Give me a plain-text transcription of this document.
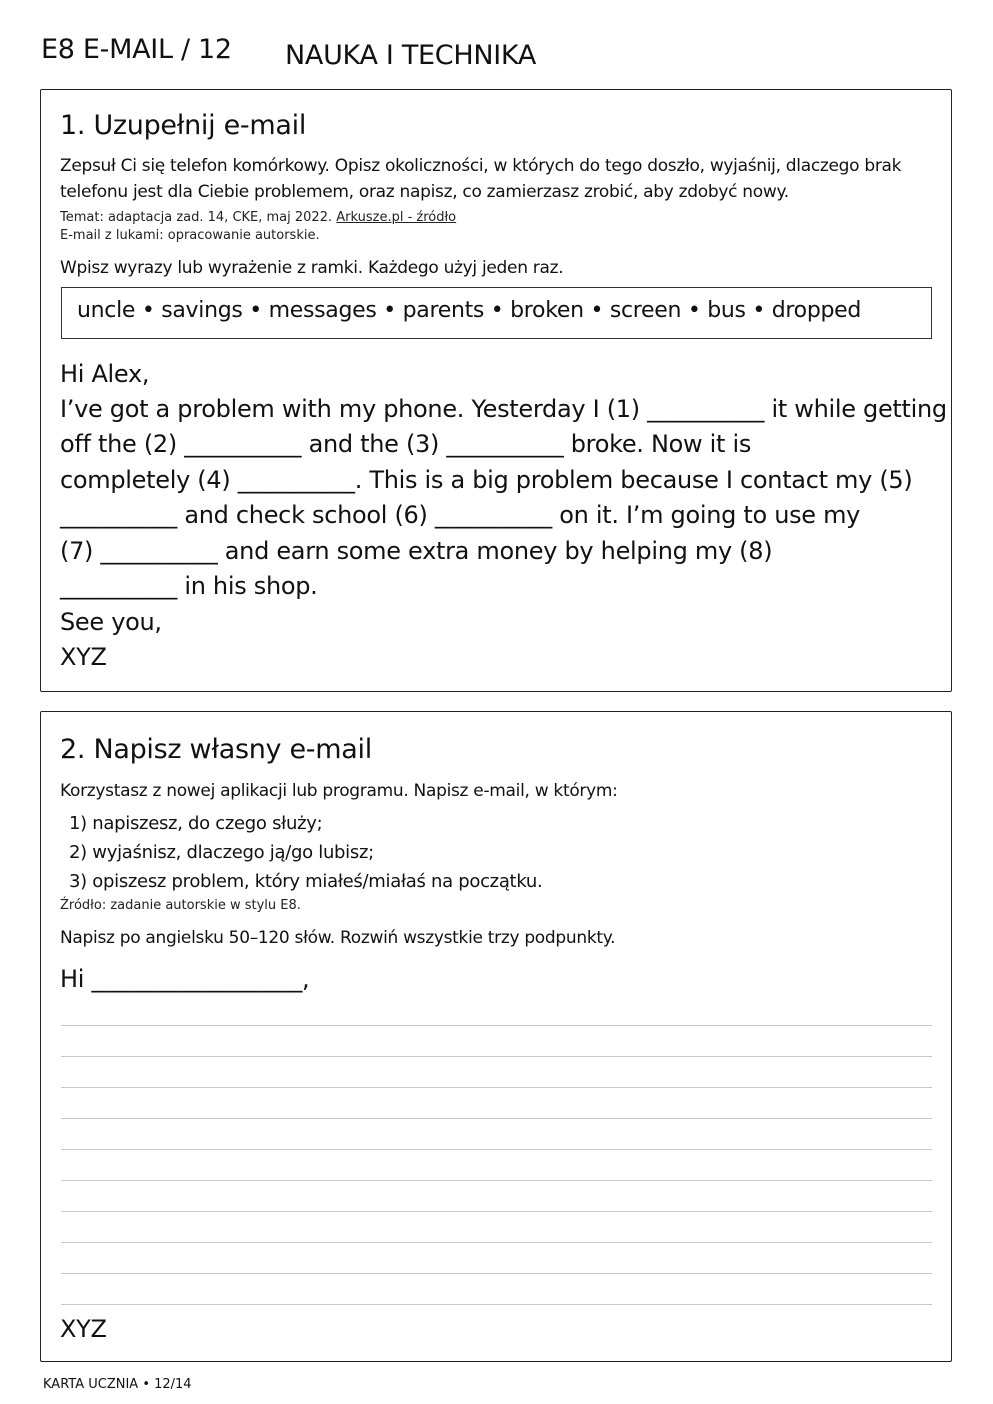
E8 E-MAIL / 12 NAUKA I TECHNIKA
1. Uzupełnij e-mail
Zepsuł Ci się telefon komórkowy. Opisz okoliczności, w których do tego doszło, wyjaśnij, dlaczego brak telefonu jest dla Ciebie problemem, oraz napisz, co zamierzasz zrobić, aby zdobyć nowy.
Temat: adaptacja zad. 14, CKE, maj 2022. Arkusze.pl - źródło
E-mail z lukami: opracowanie autorskie.
Wpisz wyrazy lub wyrażenie z ramki. Każdego użyj jeden raz.
uncle • savings • messages • parents • broken • screen • bus • dropped
Hi Alex,
I’ve got a problem with my phone. Yesterday I (1) __________ it while getting
off the (2) __________ and the (3) __________ broke. Now it is
completely (4) __________. This is a big problem because I contact my (5)
__________ and check school (6) __________ on it. I’m going to use my
(7) __________ and earn some extra money by helping my (8)
__________ in his shop.
See you,
XYZ
2. Napisz własny e-mail
Korzystasz z nowej aplikacji lub programu. Napisz e-mail, w którym:
1) napiszesz, do czego służy;
2) wyjaśnisz, dlaczego ją/go lubisz;
3) opiszesz problem, który miałeś/miałaś na początku.
Źródło: zadanie autorskie w stylu E8.
Napisz po angielsku 50–120 słów. Rozwiń wszystkie trzy podpunkty.
Hi __________________,
XYZ
KARTA UCZNIA • 12/14
